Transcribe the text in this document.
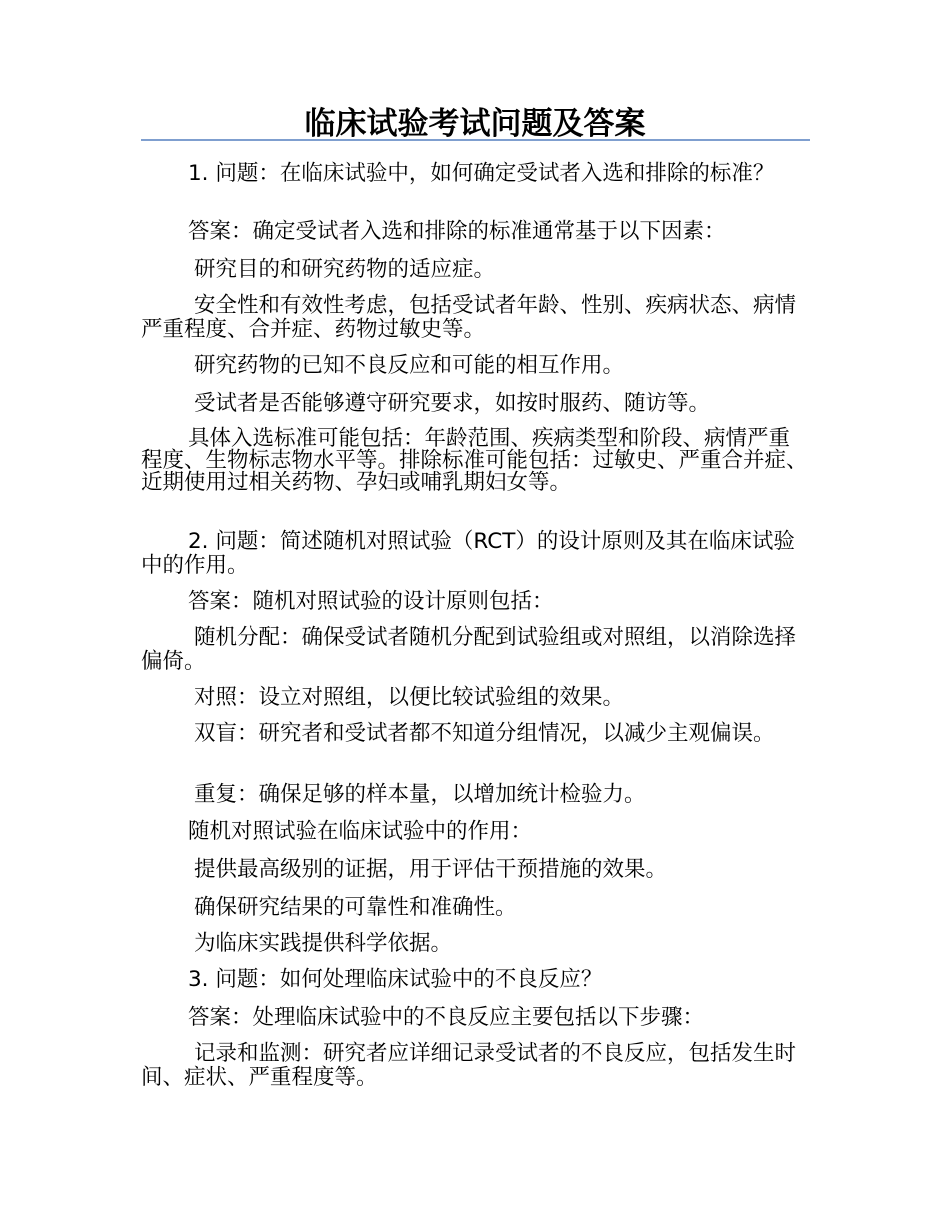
临床试验考试问题及答案
1. 问题：在临床试验中，如何确定受试者入选和排除的标准？
答案：确定受试者入选和排除的标准通常基于以下因素：
研究目的和研究药物的适应症。
安全性和有效性考虑，包括受试者年龄、性别、疾病状态、病情严重程度、合并症、药物过敏史等。
研究药物的已知不良反应和可能的相互作用。
受试者是否能够遵守研究要求，如按时服药、随访等。
具体入选标准可能包括：年龄范围、疾病类型和阶段、病情严重程度、生物标志物水平等。排除标准可能包括：过敏史、严重合并症、近期使用过相关药物、孕妇或哺乳期妇女等。
2. 问题：简述随机对照试验（RCT）的设计原则及其在临床试验中的作用。
答案：随机对照试验的设计原则包括：
随机分配：确保受试者随机分配到试验组或对照组，以消除选择偏倚。
对照：设立对照组，以便比较试验组的效果。
双盲：研究者和受试者都不知道分组情况，以减少主观偏误。
重复：确保足够的样本量，以增加统计检验力。
随机对照试验在临床试验中的作用：
提供最高级别的证据，用于评估干预措施的效果。
确保研究结果的可靠性和准确性。
为临床实践提供科学依据。
3. 问题：如何处理临床试验中的不良反应？
答案：处理临床试验中的不良反应主要包括以下步骤：
记录和监测：研究者应详细记录受试者的不良反应，包括发生时间、症状、严重程度等。
